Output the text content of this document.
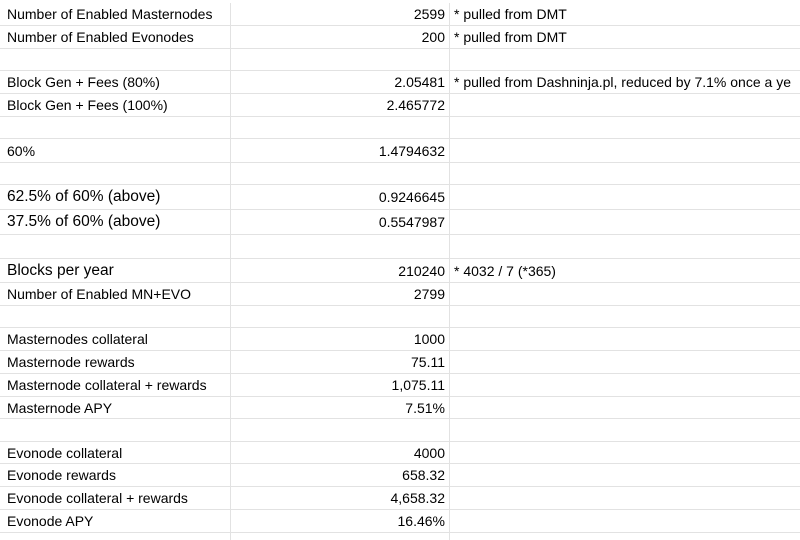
Number of Enabled Masternodes	2599 * pulled from DMT
Number of Enabled Evonodes	200 * pulled from DMT
Block Gen + Fees (80%)	2.05481 * pulled from Dashninja.pl, reduced by 7.1% once a ye
Block Gen + Fees (100%)	2.465772
60%	1.4794632
62.5% of 60% (above)	0.9246645
37.5% of 60% (above)	0.5547987
Blocks per year	210240 * 4032 / 7 (*365)
Number of Enabled MN+EVO	2799
Masternodes collateral	1000
Masternode rewards	75.11
Masternode collateral + rewards	1,075.11
Masternode APY	7.51%
Evonode collateral	4000
Evonode rewards	658.32
Evonode collateral + rewards	4,658.32
Evonode APY	16.46%
